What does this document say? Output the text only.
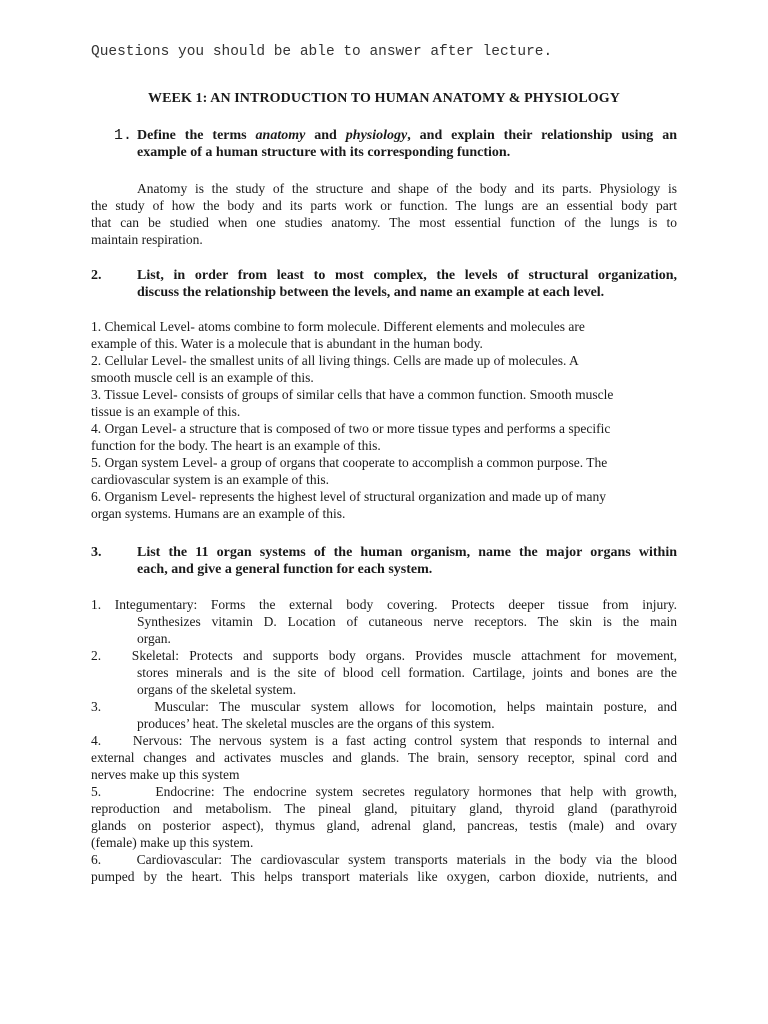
Questions you should be able to answer after lecture.
WEEK 1: AN INTRODUCTION TO HUMAN ANATOMY & PHYSIOLOGY
1. Define the terms anatomy and physiology, and explain their relationship using an
example of a human structure with its corresponding function.
Anatomy is the study of the structure and shape of the body and its parts. Physiology is
the study of how the body and its parts work or function. The lungs are an essential body part
that can be studied when one studies anatomy. The most essential function of the lungs is to
maintain respiration.
2.	List, in order from least to most complex, the levels of structural organization,
discuss the relationship between the levels, and name an example at each level.
1. Chemical Level- atoms combine to form molecule. Different elements and molecules are
example of this. Water is a molecule that is abundant in the human body.
2. Cellular Level- the smallest units of all living things. Cells are made up of molecules. A
smooth muscle cell is an example of this.
3. Tissue Level- consists of groups of similar cells that have a common function. Smooth muscle
tissue is an example of this.
4. Organ Level- a structure that is composed of two or more tissue types and performs a specific
function for the body. The heart is an example of this.
5. Organ system Level- a group of organs that cooperate to accomplish a common purpose. The
cardiovascular system is an example of this.
6. Organism Level- represents the highest level of structural organization and made up of many
organ systems. Humans are an example of this.
3.	List the 11 organ systems of the human organism, name the major organs within
each, and give a general function for each system.
1. Integumentary: Forms the external body covering. Protects deeper tissue from injury.
Synthesizes vitamin D. Location of cutaneous nerve receptors. The skin is the main
organ.
2.   Skeletal: Protects and supports body organs. Provides muscle attachment for movement,
stores minerals and is the site of blood cell formation. Cartilage, joints and bones are the
organs of the skeletal system.
3.     Muscular: The muscular system allows for locomotion, helps maintain posture, and
produces’ heat. The skeletal muscles are the organs of this system.
4.    Nervous: The nervous system is a fast acting control system that responds to internal and
external changes and activates muscles and glands. The brain, sensory receptor, spinal cord and
nerves make up this system
5.      Endocrine: The endocrine system secretes regulatory hormones that help with growth,
reproduction and metabolism. The pineal gland, pituitary gland, thyroid gland (parathyroid
glands on posterior aspect), thymus gland, adrenal gland, pancreas, testis (male) and ovary
(female) make up this system.
6.    Cardiovascular: The cardiovascular system transports materials in the body via the blood
pumped by the heart. This helps transport materials like oxygen, carbon dioxide, nutrients, and
